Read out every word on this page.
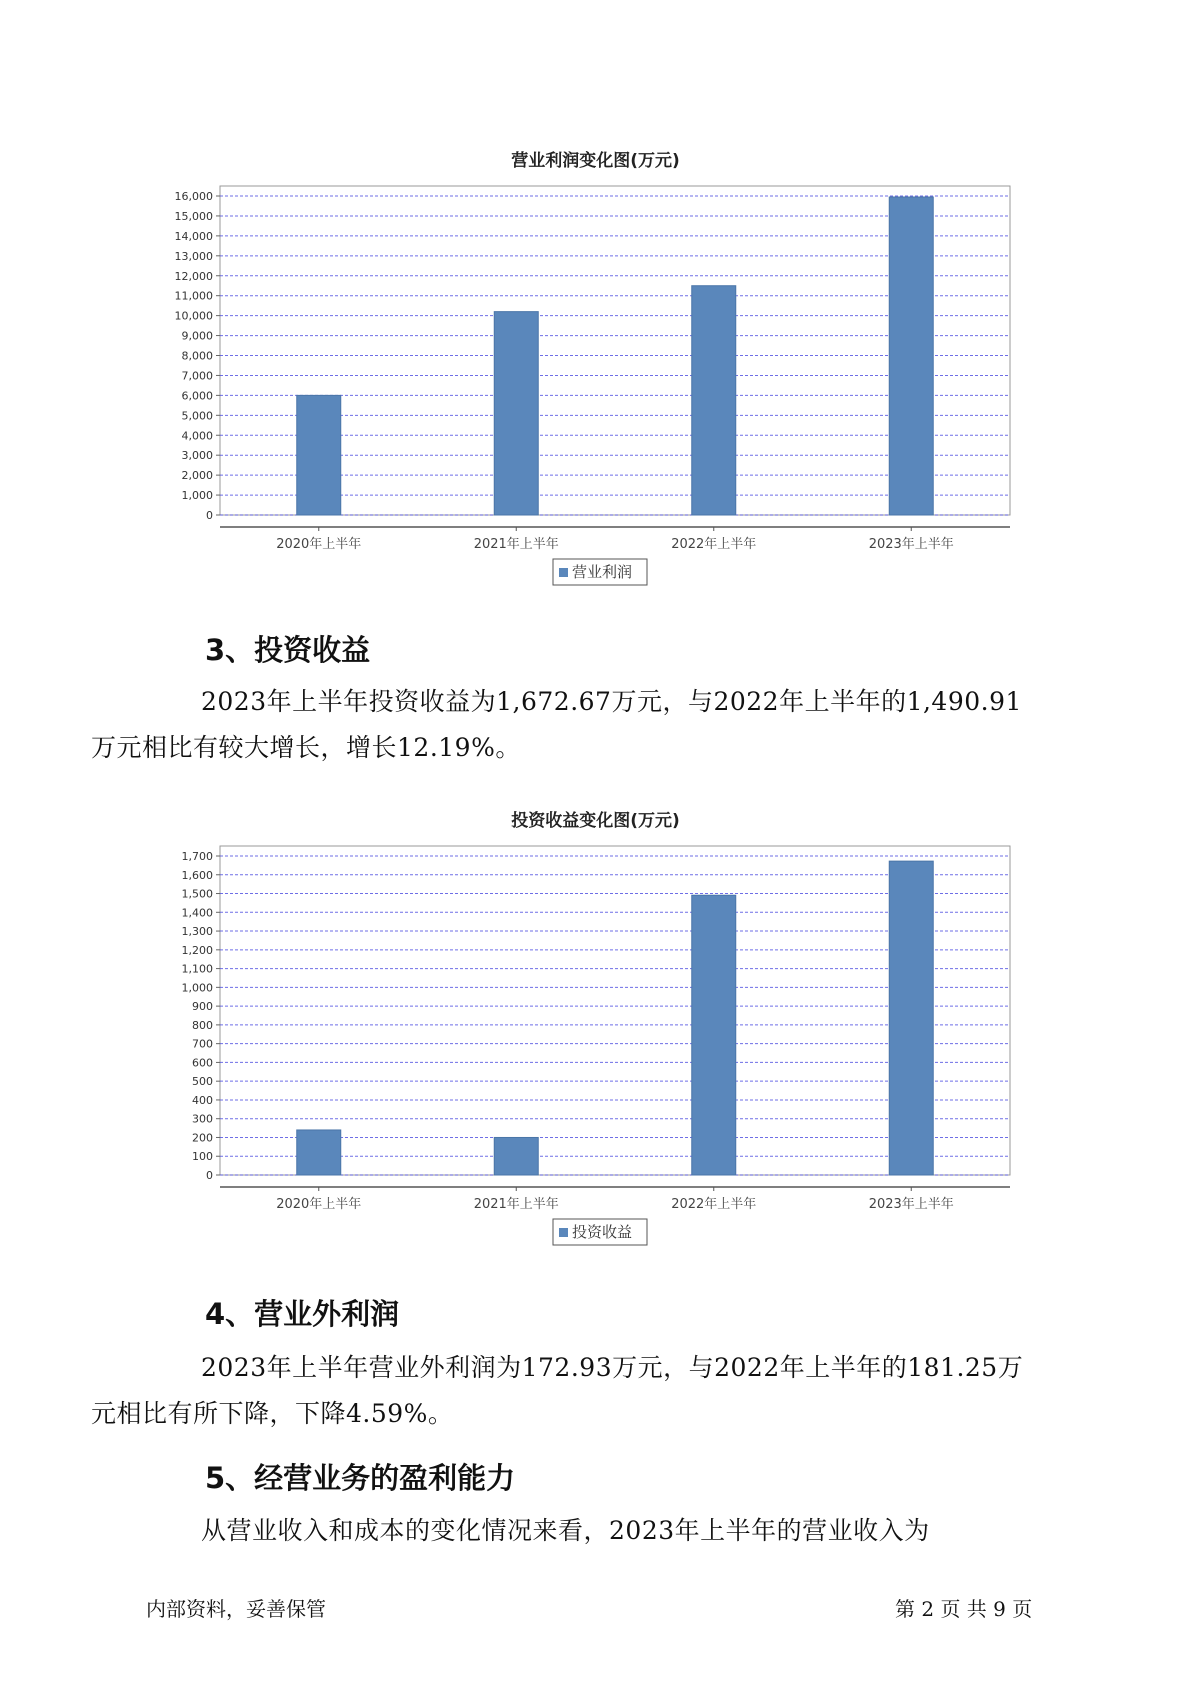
营业利润变化图(万元)
0
1,000
2,000
3,000
4,000
5,000
6,000
7,000
8,000
9,000
10,000
11,000
12,000
13,000
14,000
15,000
16,000
2020年上半年	2021年上半年	2022年上半年	2023年上半年
营业利润
3、投资收益

2023年上半年投资收益为1,672.67万元，与2022年上半年的1,490.91
万元相比有较大增长，增长12.19%。

投资收益变化图(万元)
0
100
200
300
400
500
600
700
800
900
1,000
1,100
1,200
1,300
1,400
1,500
1,600
1,700
2020年上半年	2021年上半年	2022年上半年	2023年上半年
投资收益
4、营业外利润

2023年上半年营业外利润为172.93万元，与2022年上半年的181.25万
元相比有所下降，下降4.59%。

5、经营业务的盈利能力

从营业收入和成本的变化情况来看，2023年上半年的营业收入为

内部资料，妥善保管	第 2 页 共 9 页
